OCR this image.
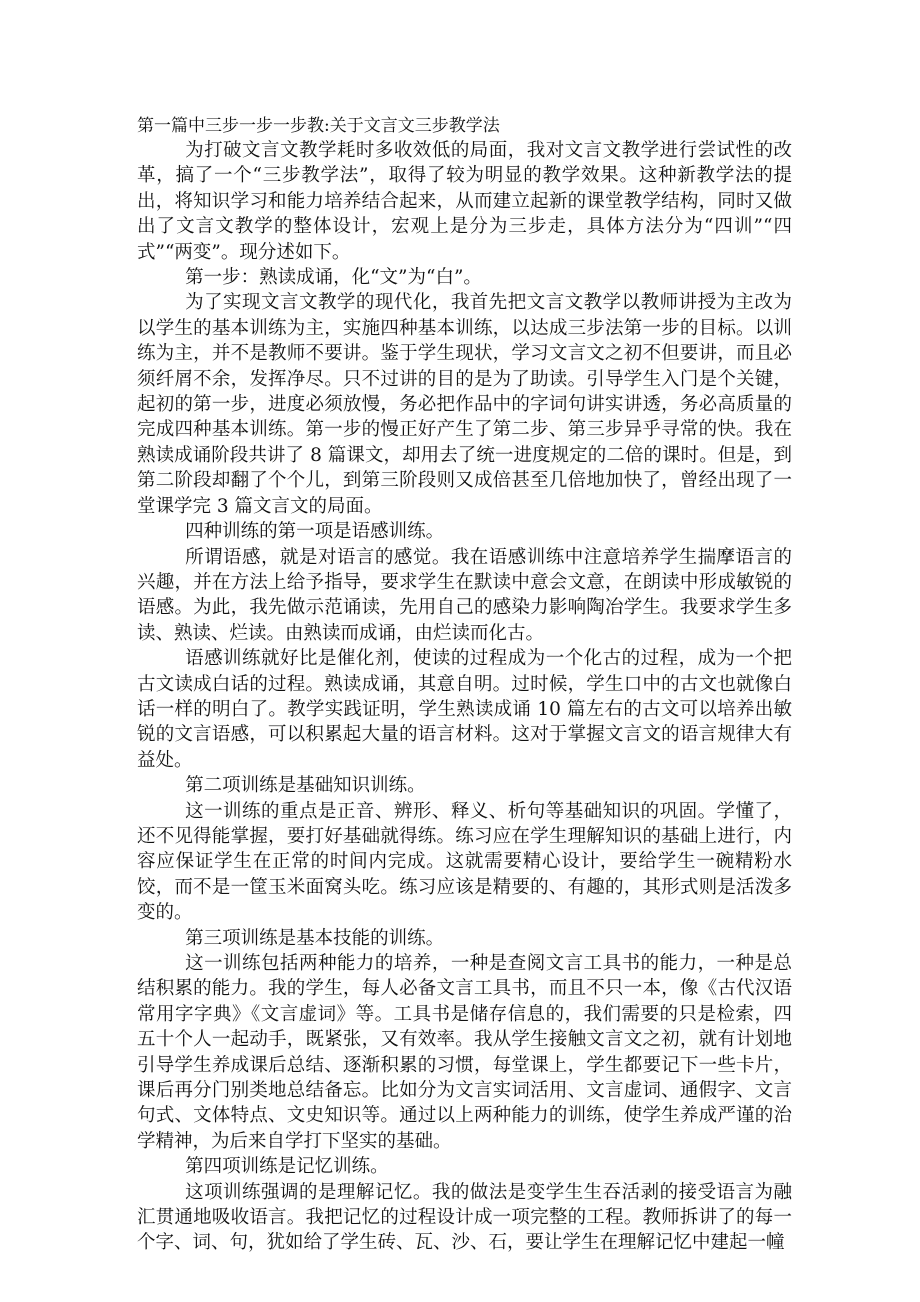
第一篇中三步一步一步教:关于文言文三步教学法

为打破文言文教学耗时多收效低的局面，我对文言文教学进行尝试性的改革，搞了一个“三步教学法”，取得了较为明显的教学效果。这种新教学法的提出，将知识学习和能力培养结合起来，从而建立起新的课堂教学结构，同时又做出了文言文教学的整体设计，宏观上是分为三步走，具体方法分为“四训”“四式”“两变”。现分述如下。

第一步：熟读成诵，化“文”为“白”。

为了实现文言文教学的现代化，我首先把文言文教学以教师讲授为主改为以学生的基本训练为主，实施四种基本训练，以达成三步法第一步的目标。以训练为主，并不是教师不要讲。鉴于学生现状，学习文言文之初不但要讲，而且必须纤屑不余，发挥净尽。只不过讲的目的是为了助读。引导学生入门是个关键，起初的第一步，进度必须放慢，务必把作品中的字词句讲实讲透，务必高质量的完成四种基本训练。第一步的慢正好产生了第二步、第三步异乎寻常的快。我在熟读成诵阶段共讲了 8 篇课文，却用去了统一进度规定的二倍的课时。但是，到第二阶段却翻了个个儿，到第三阶段则又成倍甚至几倍地加快了，曾经出现了一堂课学完 3 篇文言文的局面。

四种训练的第一项是语感训练。

所谓语感，就是对语言的感觉。我在语感训练中注意培养学生揣摩语言的兴趣，并在方法上给予指导，要求学生在默读中意会文意，在朗读中形成敏锐的语感。为此，我先做示范诵读，先用自己的感染力影响陶冶学生。我要求学生多读、熟读、烂读。由熟读而成诵，由烂读而化古。

语感训练就好比是催化剂，使读的过程成为一个化古的过程，成为一个把古文读成白话的过程。熟读成诵，其意自明。过时候，学生口中的古文也就像白话一样的明白了。教学实践证明，学生熟读成诵 10 篇左右的古文可以培养出敏锐的文言语感，可以积累起大量的语言材料。这对于掌握文言文的语言规律大有益处。

第二项训练是基础知识训练。

这一训练的重点是正音、辨形、释义、析句等基础知识的巩固。学懂了，还不见得能掌握，要打好基础就得练。练习应在学生理解知识的基础上进行，内容应保证学生在正常的时间内完成。这就需要精心设计，要给学生一碗精粉水饺，而不是一筐玉米面窝头吃。练习应该是精要的、有趣的，其形式则是活泼多变的。

第三项训练是基本技能的训练。

这一训练包括两种能力的培养，一种是查阅文言工具书的能力，一种是总结积累的能力。我的学生，每人必备文言工具书，而且不只一本，像《古代汉语常用字字典》《文言虚词》等。工具书是储存信息的，我们需要的只是检索，四五十个人一起动手，既紧张，又有效率。我从学生接触文言文之初，就有计划地引导学生养成课后总结、逐渐积累的习惯，每堂课上，学生都要记下一些卡片，课后再分门别类地总结备忘。比如分为文言实词活用、文言虚词、通假字、文言句式、文体特点、文史知识等。通过以上两种能力的训练，使学生养成严谨的治学精神，为后来自学打下坚实的基础。

第四项训练是记忆训练。

这项训练强调的是理解记忆。我的做法是变学生生吞活剥的接受语言为融汇贯通地吸收语言。我把记忆的过程设计成一项完整的工程。教师拆讲了的每一个字、词、句，犹如给了学生砖、瓦、沙、石，要让学生在理解记忆中建起一幢
